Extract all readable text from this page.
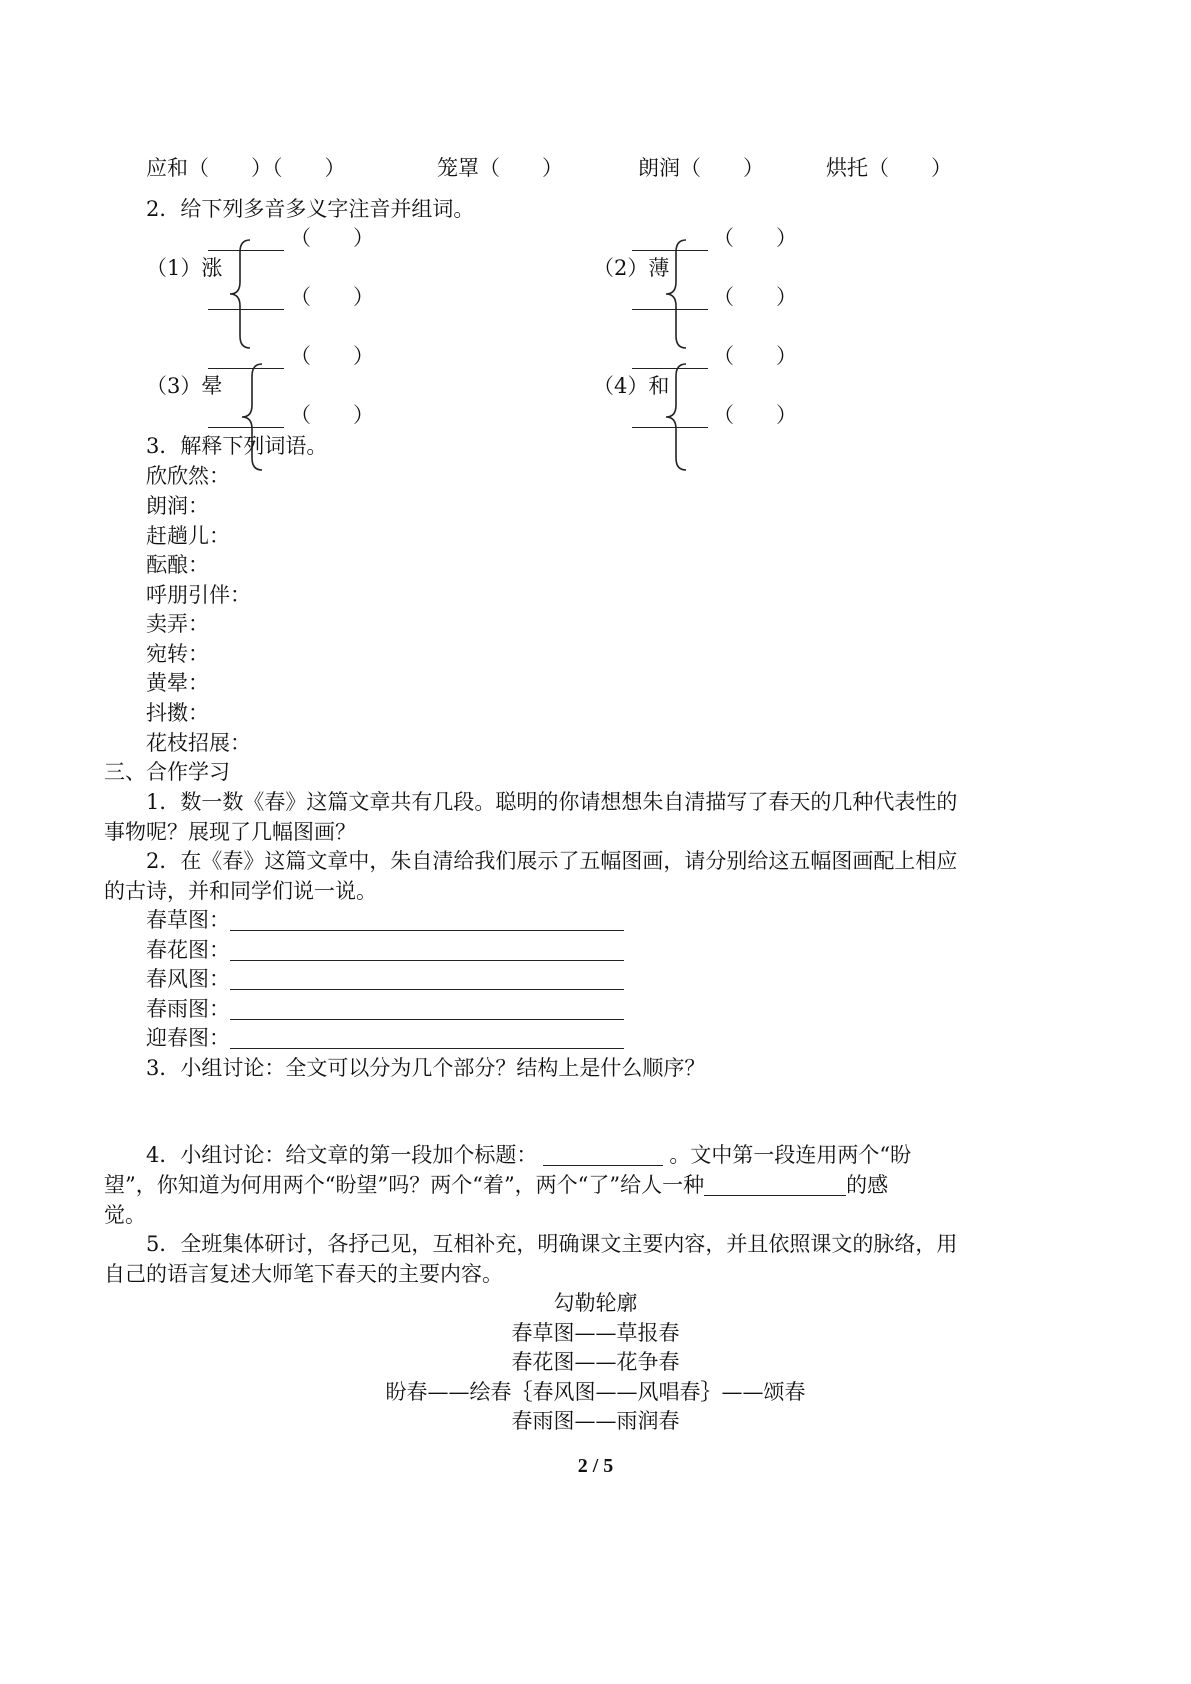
应和（　　）（　　）	笼罩（　　）	朗润（　　）	烘托（　　）
2．给下列多音多义字注音并组词。
（1）涨
（　　）
（　　）
（2）薄
（　　）
（　　）
（3）晕
（　　）
（　　）
（4）和
（　　）
（　　）
3．解释下列词语。
欣欣然：
朗润：
赶趟儿：
酝酿：
呼朋引伴：
卖弄：
宛转：
黄晕：
抖擞：
花枝招展：
三、合作学习
1．数一数《春》这篇文章共有几段。聪明的你请想想朱自清描写了春天的几种代表性的
事物呢？展现了几幅图画？
2．在《春》这篇文章中，朱自清给我们展示了五幅图画，请分别给这五幅图画配上相应
的古诗，并和同学们说一说。
春草图：
春花图：
春风图：
春雨图：
迎春图：
3．小组讨论：全文可以分为几个部分？结构上是什么顺序？
4．小组讨论：给文章的第一段加个标题：	。文中第一段连用两个“盼
望”，你知道为何用两个“盼望”吗？两个“着”，两个“了”给人一种	的感
觉。
5．全班集体研讨，各抒己见，互相补充，明确课文主要内容，并且依照课文的脉络，用
自己的语言复述大师笔下春天的主要内容。
勾勒轮廓
春草图——草报春
春花图——花争春
盼春——绘春｛春风图——风唱春｝——颂春
春雨图——雨润春
2 / 5
